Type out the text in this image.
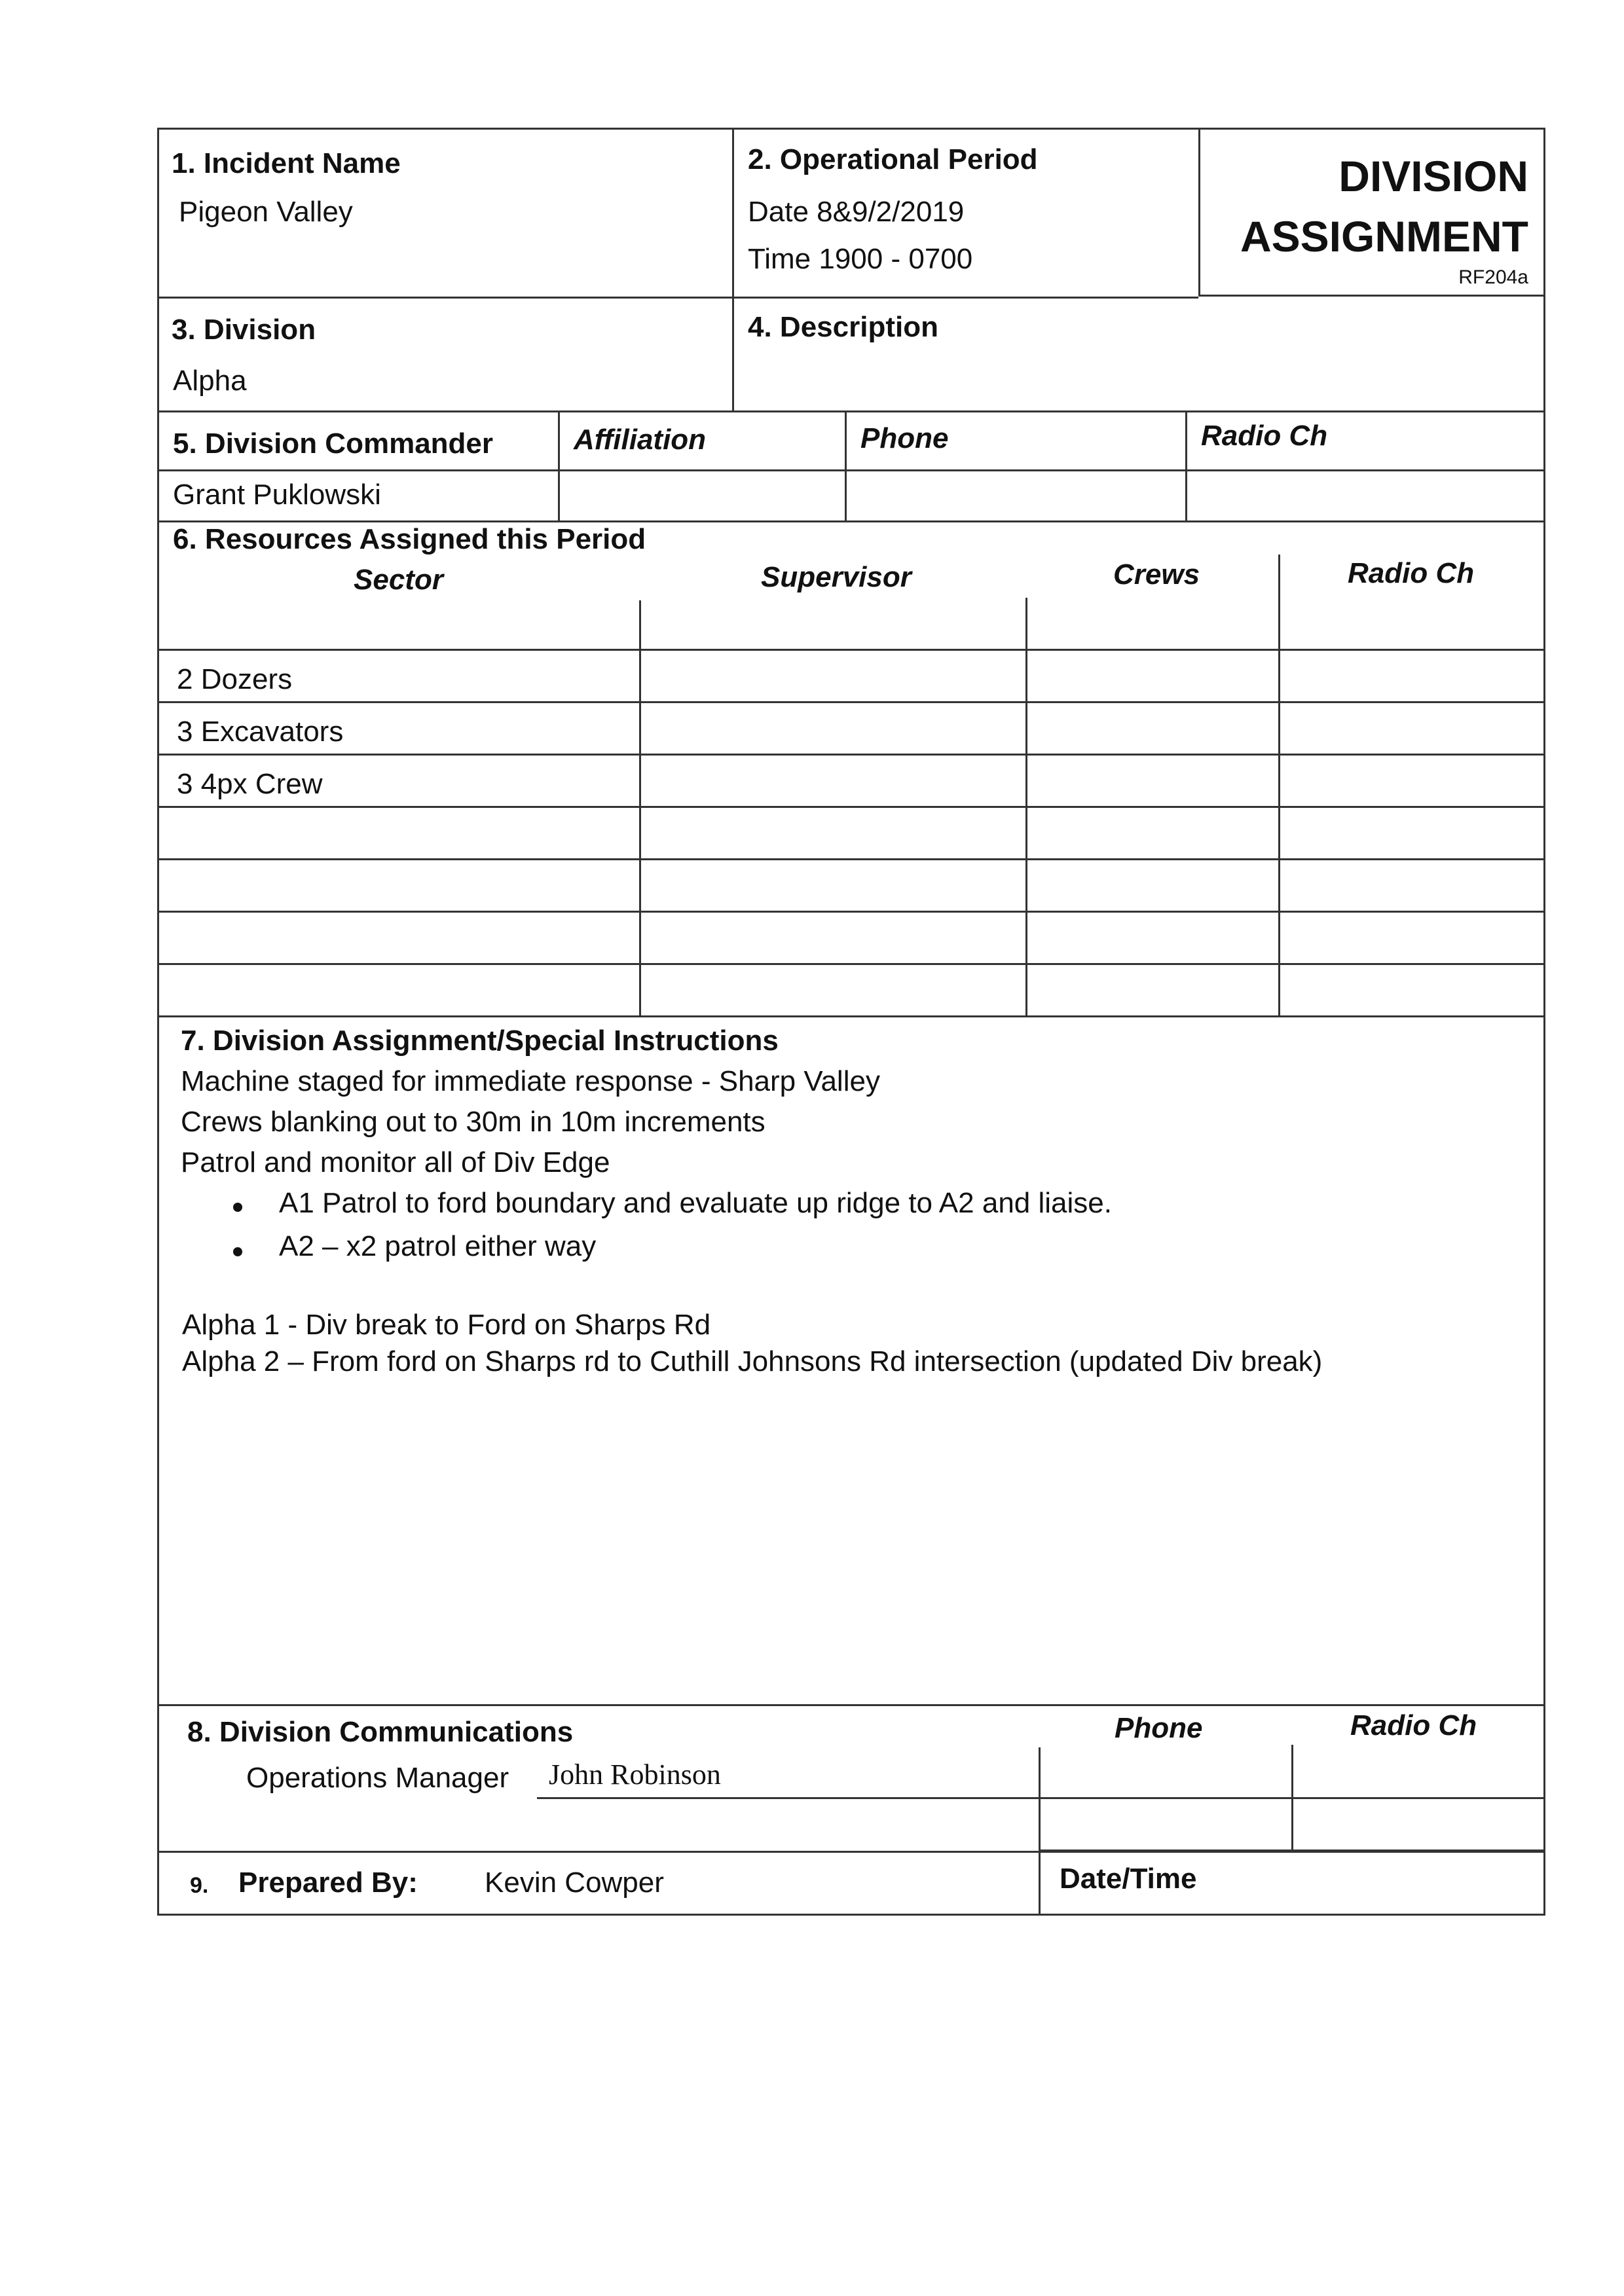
1. Incident Name
Pigeon Valley
2. Operational Period
Date 8&9/2/2019
Time 1900 - 0700
DIVISION
ASSIGNMENT
RF204a
3. Division
Alpha
4. Description
5. Division Commander	Affiliation	Phone	Radio Ch
Grant Puklowski
6. Resources Assigned this Period
Sector	Supervisor	Crews	Radio Ch
2 Dozers
3 Excavators
3 4px Crew
7. Division Assignment/Special Instructions
Machine staged for immediate response - Sharp Valley
Crews blanking out to 30m in 10m increments
Patrol and monitor all of Div Edge
A1 Patrol to ford boundary and evaluate up ridge to A2 and liaise.
A2 – x2 patrol either way
Alpha 1 - Div break to Ford on Sharps Rd
Alpha 2 – From ford on Sharps rd to Cuthill Johnsons Rd intersection (updated Div break)
8. Division Communications	Phone	Radio Ch
Operations Manager John Robinson
9. Prepared By: Kevin Cowper	Date/Time
